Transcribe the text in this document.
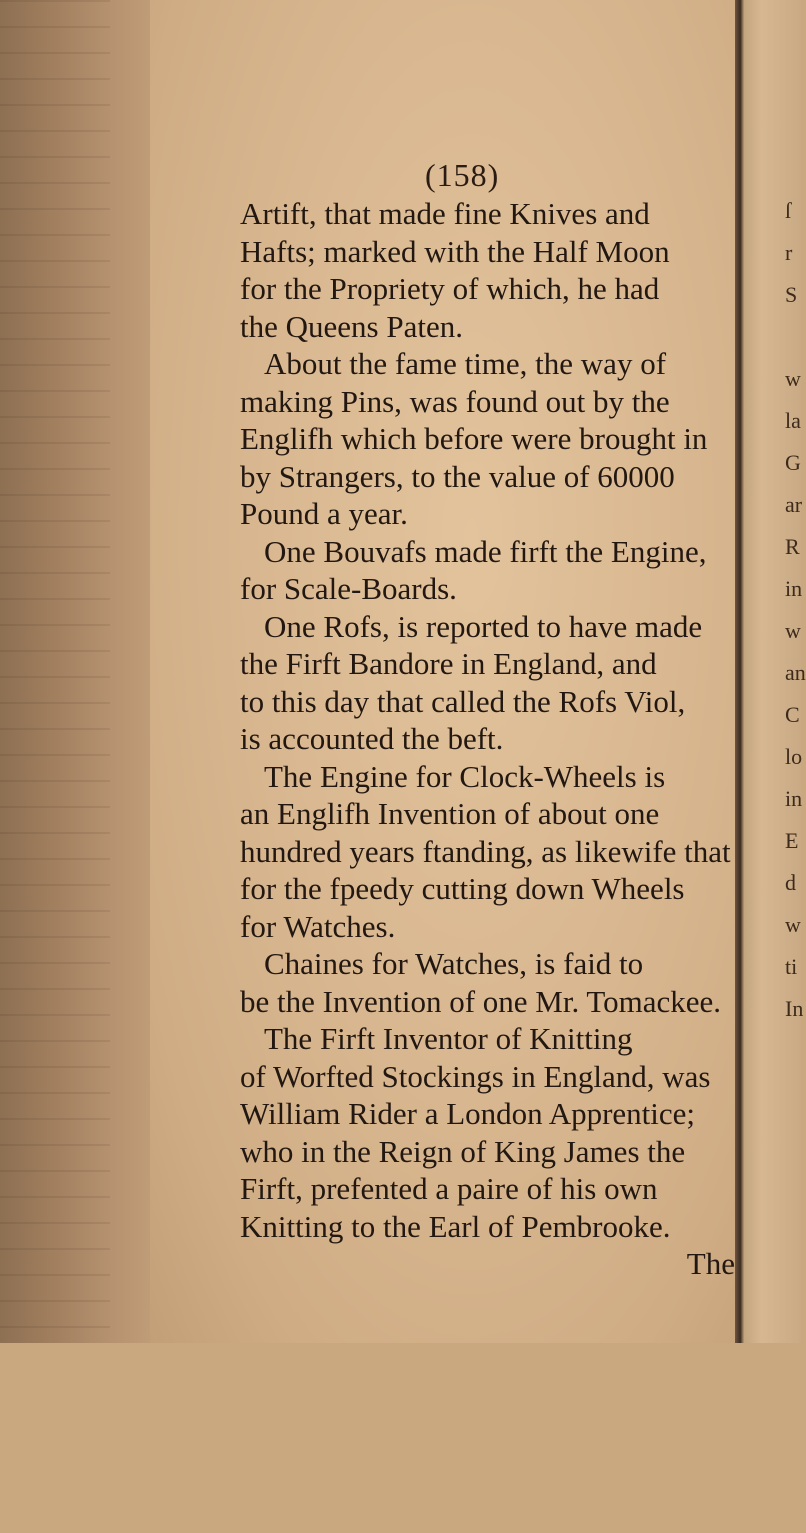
ſ
r
S

w
la
G
ar
R
in
w
an
C
lo
in
E
d
w
ti
In
(158)
Artift, that made fine Knives and
Hafts; marked with the Half Moon
for the Propriety of which, he had
the Queens Paten.
About the fame time, the way of
making Pins, was found out by the
Englifh which before were brought in
by Strangers, to the value of 60000
Pound a year.
One Bouvafs made firft the Engine,
for Scale-Boards.
One Rofs, is reported to have made
the Firft Bandore in England, and
to this day that called the Rofs Viol,
is accounted the beft.
The Engine for Clock-Wheels is
an Englifh Invention of about one
hundred years ftanding, as likewife that
for the fpeedy cutting down Wheels
for Watches.
Chaines for Watches, is faid to
be the Invention of one Mr. Tomackee.
The Firft Inventor of Knitting
of Worfted Stockings in England, was
William Rider a London Apprentice;
who in the Reign of King James the
Firft, prefented a paire of his own
Knitting to the Earl of Pembrooke.
The
